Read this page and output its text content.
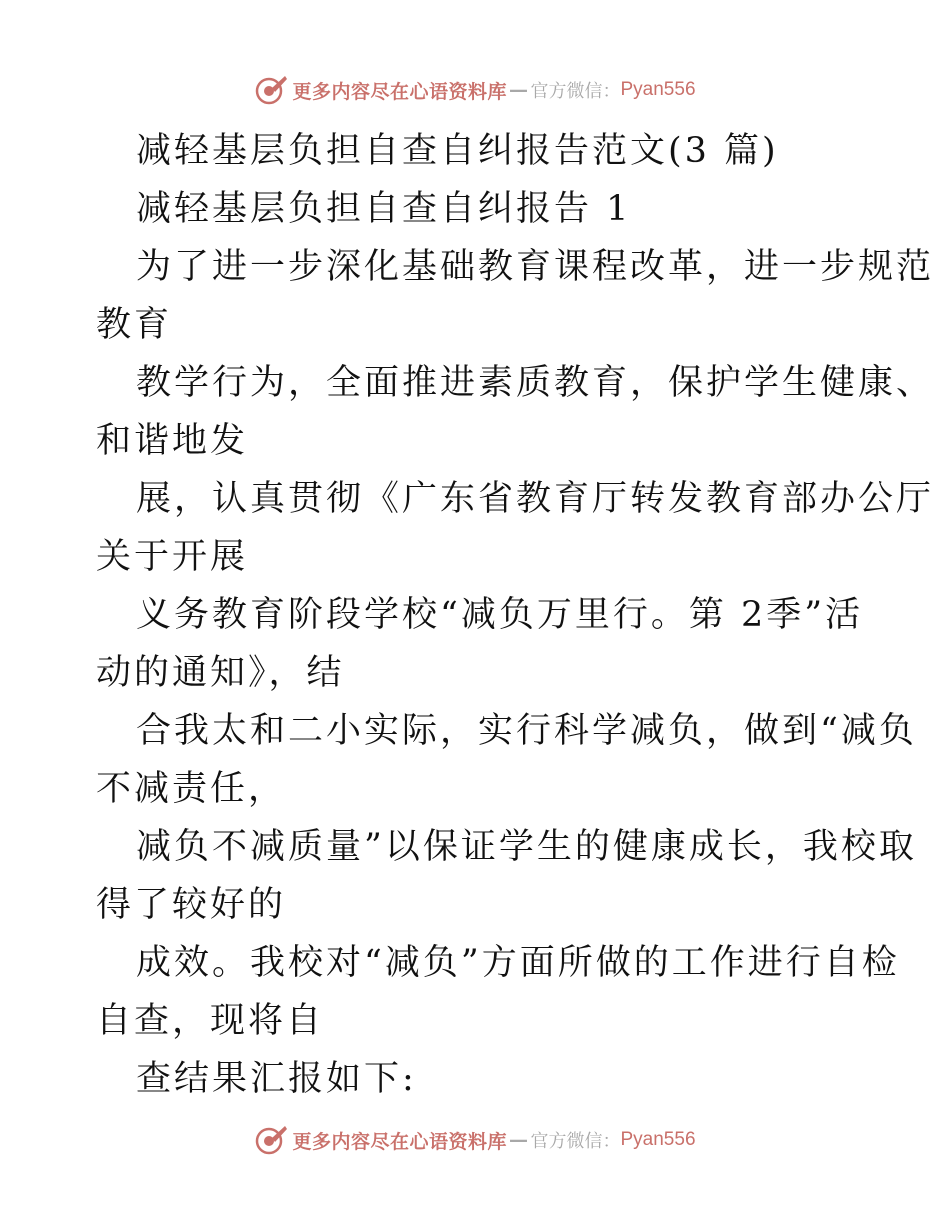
更多内容尽在心语资料库 — 官方微信： Pyan556
减轻基层负担自查自纠报告范文(3 篇)
减轻基层负担自查自纠报告 1
为了进一步深化基础教育课程改革，进一步规范
教育
教学行为，全面推进素质教育，保护学生健康、
和谐地发
展，认真贯彻《广东省教育厅转发教育部办公厅
关于开展
义务教育阶段学校“减负万里行。第 2季”活
动的通知》，结
合我太和二小实际，实行科学减负，做到“减负
不减责任，
减负不减质量”以保证学生的健康成长，我校取
得了较好的
成效。我校对“减负”方面所做的工作进行自检
自查，现将自
查结果汇报如下:
更多内容尽在心语资料库 — 官方微信： Pyan556
